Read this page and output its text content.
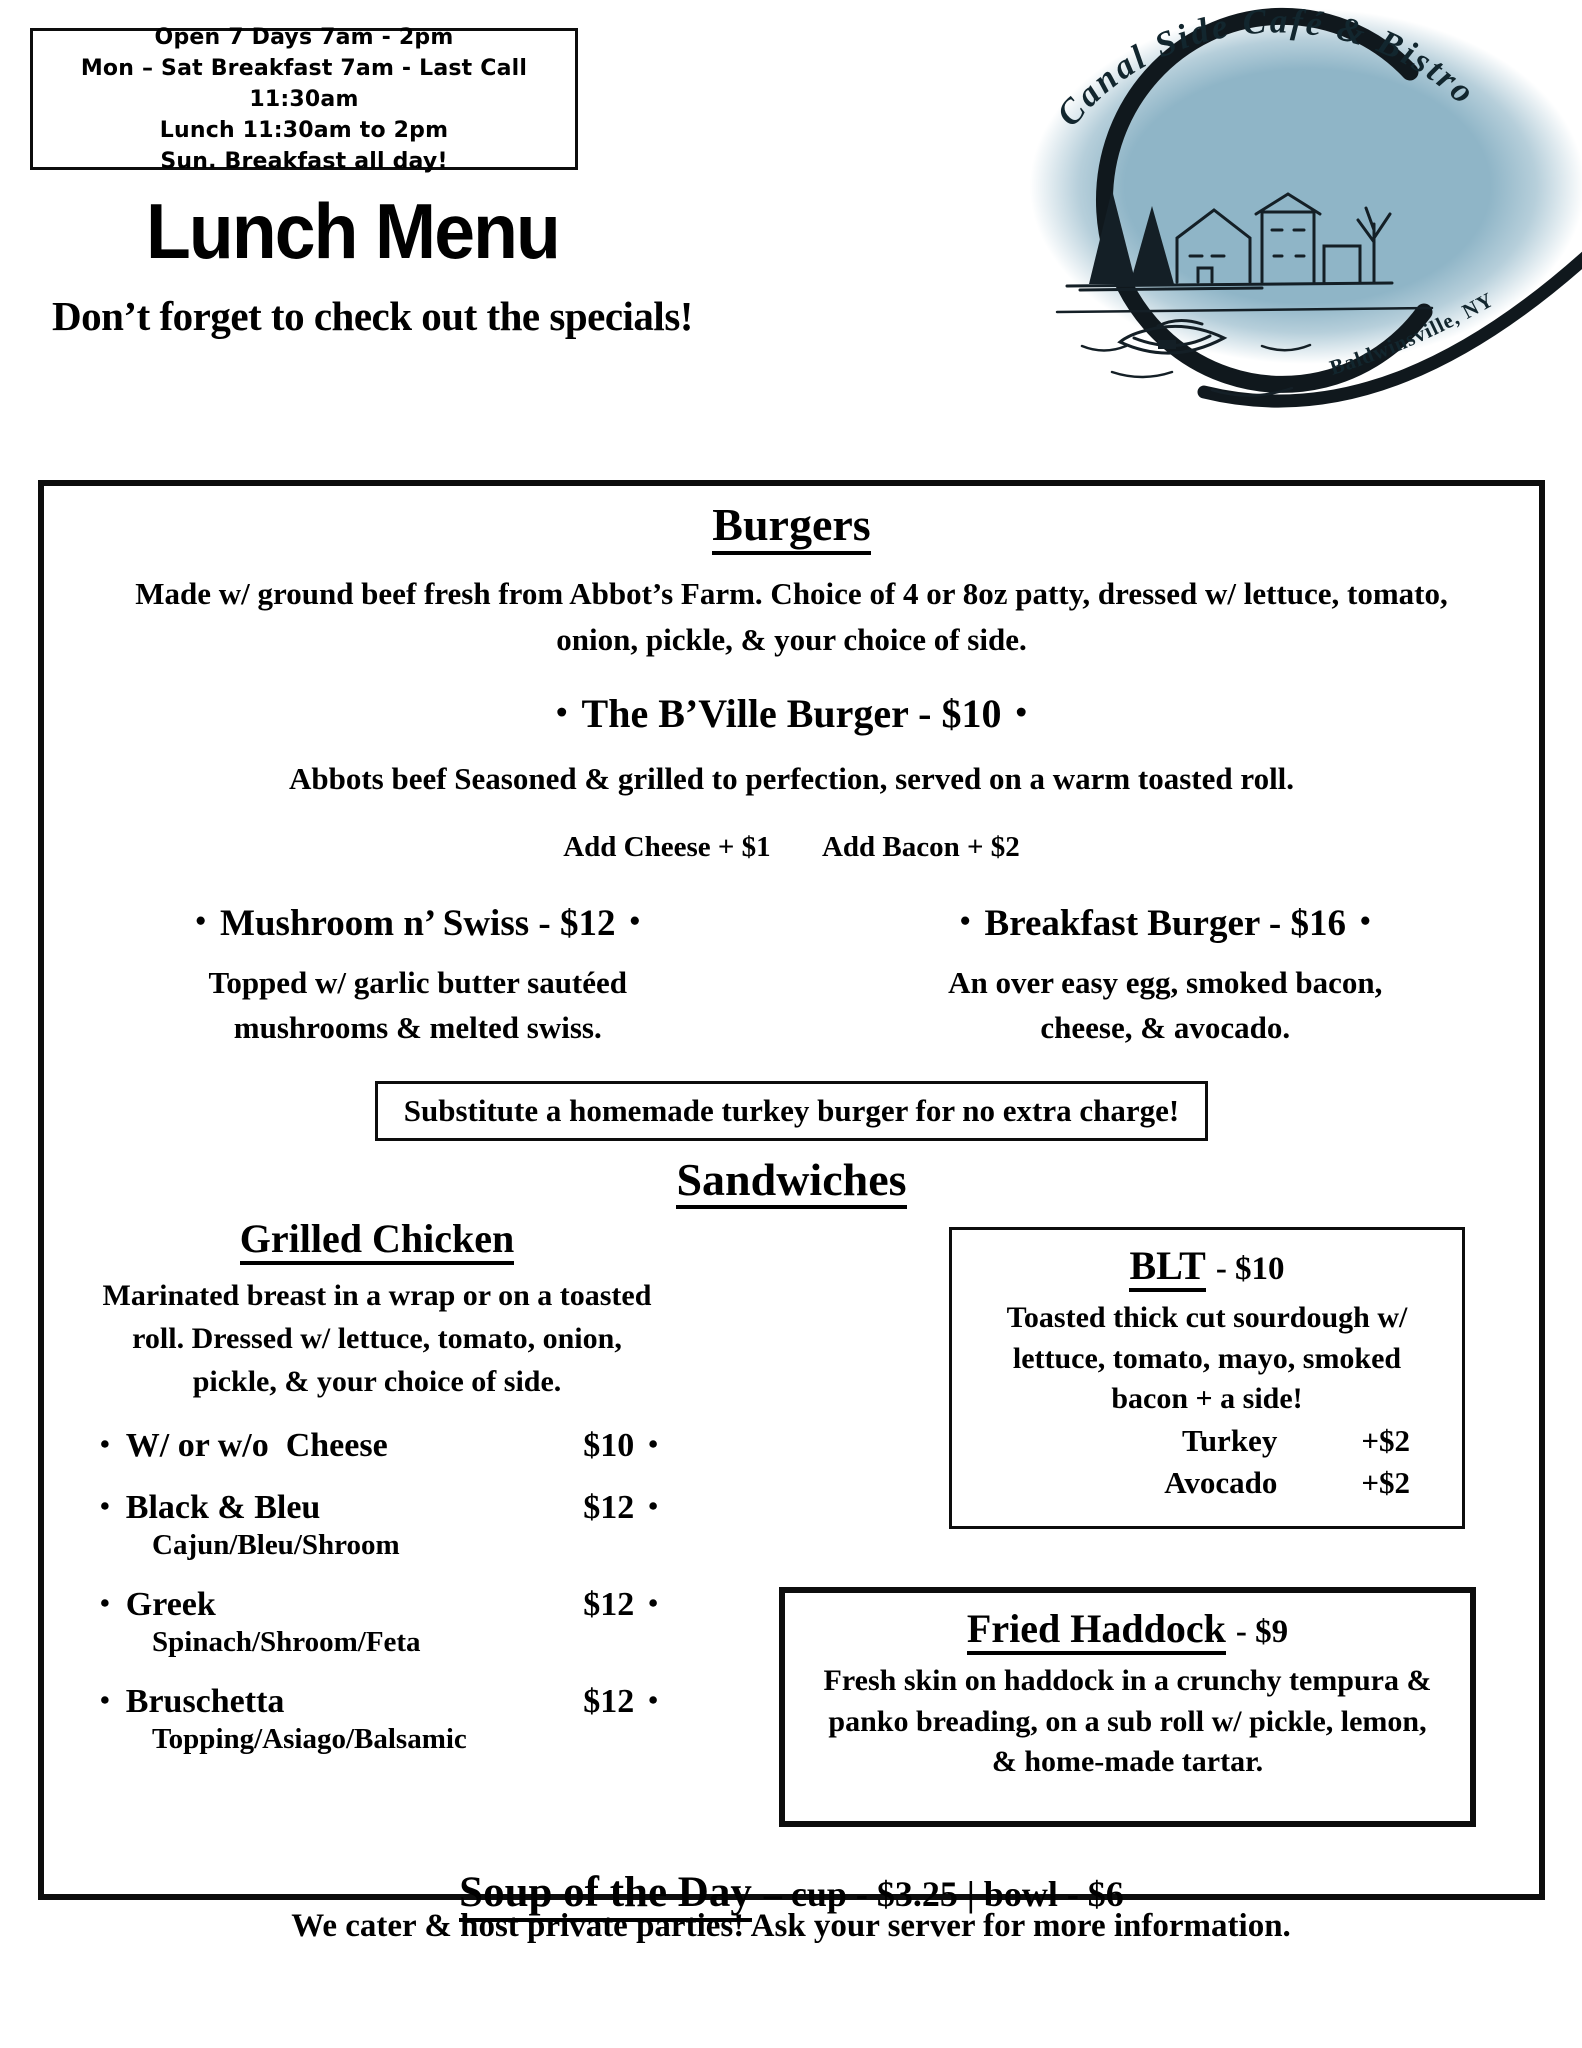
Open 7 Days 7am - 2pm
Mon – Sat Breakfast 7am - Last Call 11:30am
Lunch 11:30am to 2pm
Sun. Breakfast all day!
Canal Side Café & Bistro
Baldwinsville, NY
Lunch Menu
Don’t forget to check out the specials!
Burgers

Made w/ ground beef fresh from Abbot’s Farm. Choice of 4 or 8oz patty, dressed w/ lettuce, tomato, onion, pickle, & your choice of side.

• The B’Ville Burger - $10 •

Abbots beef Seasoned & grilled to perfection, served on a warm toasted roll.

Add Cheese + $1 Add Bacon + $2
• Mushroom n’ Swiss - $12 •

Topped w/ garlic butter sautéed mushrooms & melted swiss.

• Breakfast Burger - $16 •

An over easy egg, smoked bacon, cheese, & avocado.

Substitute a homemade turkey burger for no extra charge!
Sandwiches
Grilled Chicken

Marinated breast in a wrap or on a toasted roll. Dressed w/ lettuce, tomato, onion, pickle, & your choice of side.

• W/ or w/o  Cheese	$10 •
• Black & Bleu	$12 •
Cajun/Bleu/Shroom
• Greek	$12 •
Spinach/Shroom/Feta
• Bruschetta	$12 •
Topping/Asiago/Balsamic
BLT - $10

Toasted thick cut sourdough w/ lettuce, tomato, mayo, smoked bacon + a side!

Turkey	+$2
Avocado	+$2
Fried Haddock - $9

Fresh skin on haddock in a crunchy tempura & panko breading, on a sub roll w/ pickle, lemon, & home-made tartar.

Soup of the Day – cup - $3.25 | bowl - $6

We cater & host private parties! Ask your server for more information.
